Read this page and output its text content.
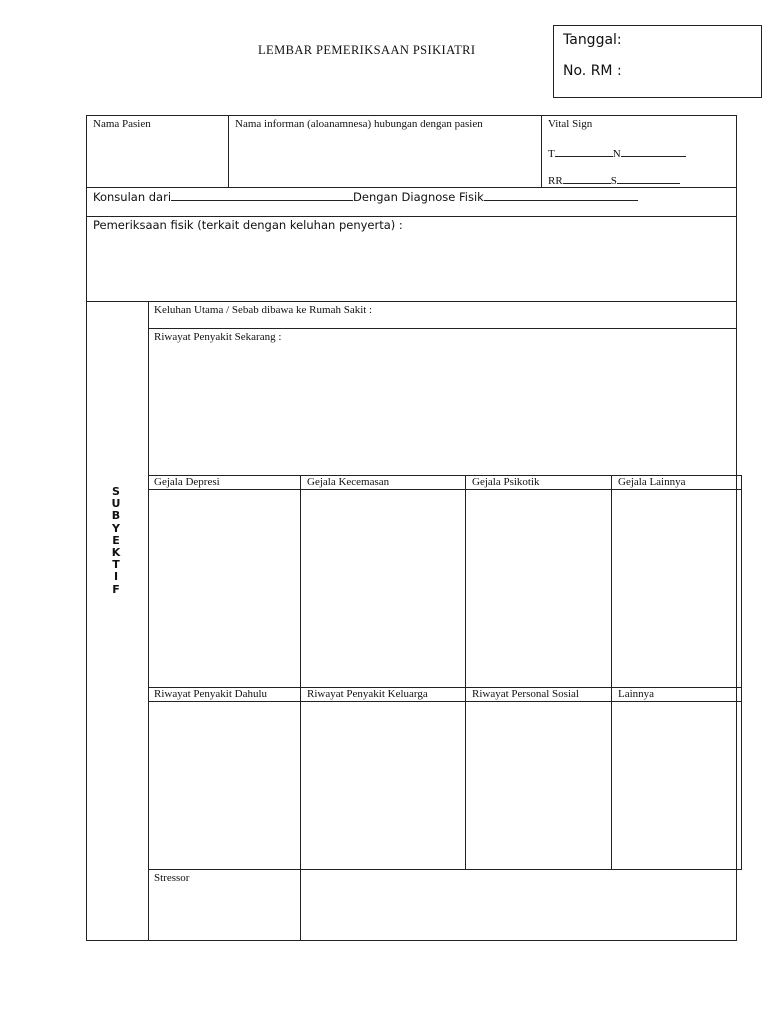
LEMBAR PEMERIKSAAN PSIKIATRI
Tanggal:
No. RM :
Nama Pasien	Nama informan (aloanamnesa) hubungan dengan pasien	Vital Sign
T	N
RR	S
Konsulan dari	Dengan Diagnose Fisik
Pemeriksaan fisik (terkait dengan keluhan penyerta) :
SUBYEKTIF
Keluhan Utama / Sebab dibawa ke Rumah Sakit :
Riwayat Penyakit Sekarang :
Gejala Depresi	Gejala Kecemasan	Gejala Psikotik	Gejala Lainnya
Riwayat Penyakit Dahulu	Riwayat Penyakit Keluarga	Riwayat Personal Sosial	Lainnya
Stressor
